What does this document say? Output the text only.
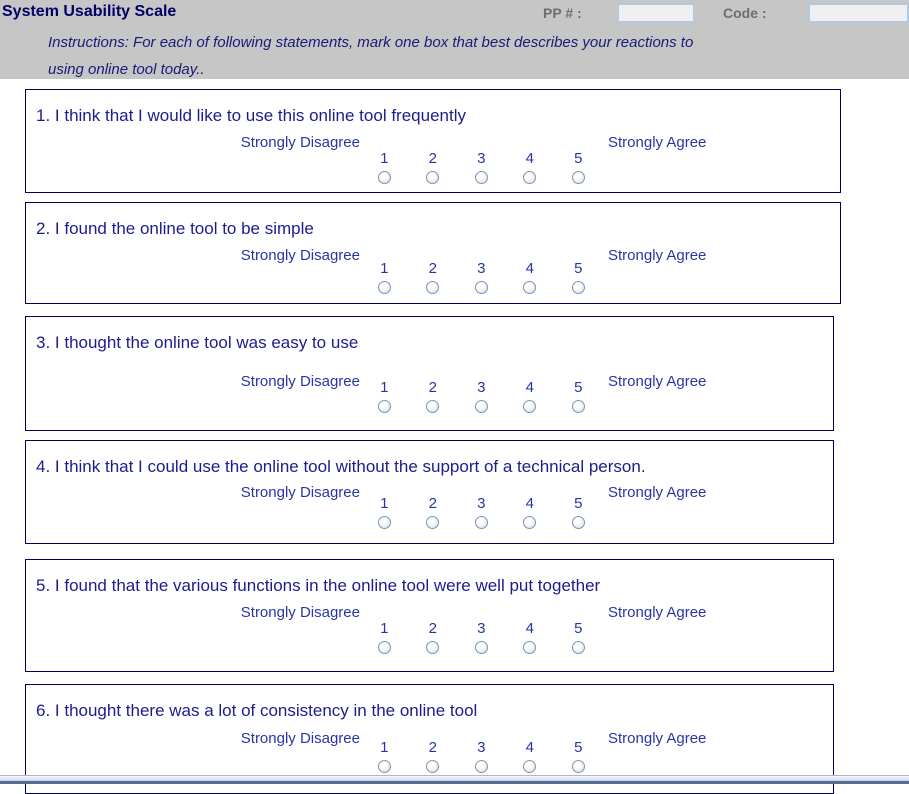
System Usability Scale	PP # :	Code :
Instructions: For each of following statements, mark one box that best describes your reactions to
using online tool today..
1. I think that I would like to use this online tool frequently
Strongly Disagree
1	2	3	4	5
Strongly Agree
2. I found the online tool to be simple
Strongly Disagree
1	2	3	4	5
Strongly Agree
3. I thought the online tool was easy to use
Strongly Disagree	1	2	3	4	5	Strongly Agree
4. I think that I could use the online tool without the support of a technical person.
Strongly Disagree
1	2	3	4	5
Strongly Agree
5. I found that the various functions in the online tool were well put together
Strongly Disagree
1	2	3	4	5
Strongly Agree
6. I thought there was a lot of consistency in the online tool
Strongly Disagree
1	2	3	4	5
Strongly Agree
